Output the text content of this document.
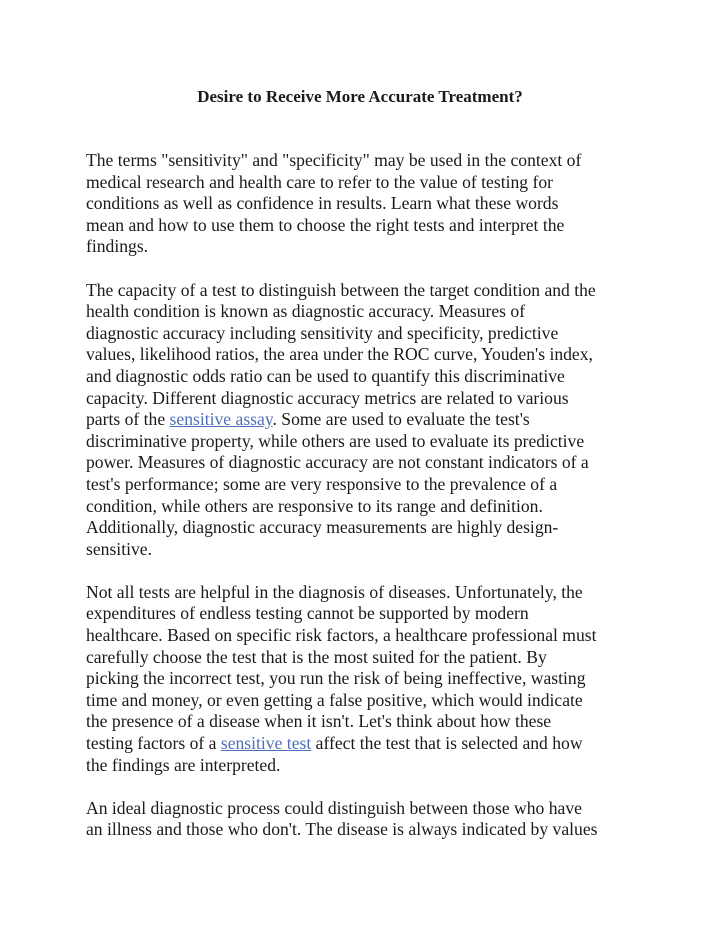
Desire to Receive More Accurate Treatment?

The terms "sensitivity" and "specificity" may be used in the context of
medical research and health care to refer to the value of testing for
conditions as well as confidence in results. Learn what these words
mean and how to use them to choose the right tests and interpret the
findings.

The capacity of a test to distinguish between the target condition and the
health condition is known as diagnostic accuracy. Measures of
diagnostic accuracy including sensitivity and specificity, predictive
values, likelihood ratios, the area under the ROC curve, Youden's index,
and diagnostic odds ratio can be used to quantify this discriminative
capacity. Different diagnostic accuracy metrics are related to various
parts of the sensitive assay. Some are used to evaluate the test's
discriminative property, while others are used to evaluate its predictive
power. Measures of diagnostic accuracy are not constant indicators of a
test's performance; some are very responsive to the prevalence of a
condition, while others are responsive to its range and definition.
Additionally, diagnostic accuracy measurements are highly design-
sensitive.

Not all tests are helpful in the diagnosis of diseases. Unfortunately, the
expenditures of endless testing cannot be supported by modern
healthcare. Based on specific risk factors, a healthcare professional must
carefully choose the test that is the most suited for the patient. By
picking the incorrect test, you run the risk of being ineffective, wasting
time and money, or even getting a false positive, which would indicate
the presence of a disease when it isn't. Let's think about how these
testing factors of a sensitive test affect the test that is selected and how
the findings are interpreted.

An ideal diagnostic process could distinguish between those who have
an illness and those who don't. The disease is always indicated by values
